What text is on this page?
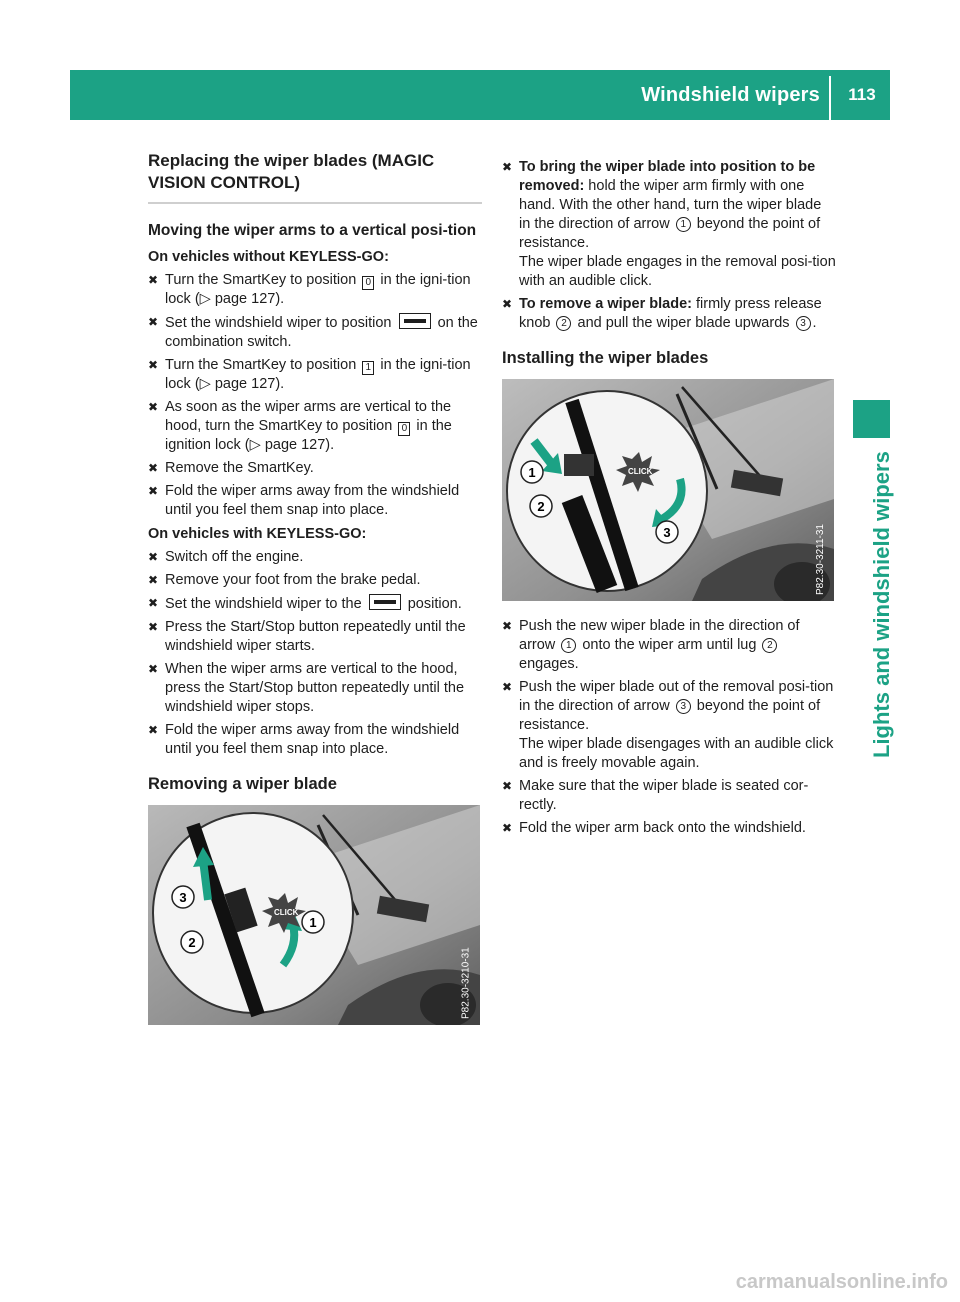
Windshield wipers	113
Lights and windshield wipers
Replacing the wiper blades (MAGIC VISION CONTROL)
Moving the wiper arms to a vertical posi-tion
On vehicles without KEYLESS-GO:
✖ Turn the SmartKey to position 0 in the igni-tion lock (▷ page 127).
✖ Set the windshield wiper to position	on the combination switch.
✖ Turn the SmartKey to position 1 in the igni-tion lock (▷ page 127).
✖ As soon as the wiper arms are vertical to the hood, turn the SmartKey to position 0 in the ignition lock (▷ page 127).
✖ Remove the SmartKey.
✖ Fold the wiper arms away from the windshield until you feel them snap into place.
On vehicles with KEYLESS-GO:
✖ Switch off the engine.
✖ Remove your foot from the brake pedal.
✖ Set the windshield wiper to the	position.
✖ Press the Start/Stop button repeatedly until the windshield wiper starts.
✖ When the wiper arms are vertical to the hood, press the Start/Stop button repeatedly until the windshield wiper stops.
✖ Fold the wiper arms away from the windshield until you feel them snap into place.
Removing a wiper blade
CLICK
3
2
1
P82.30-3210-31
✖ To bring the wiper blade into position to be removed: hold the wiper arm firmly with one hand. With the other hand, turn the wiper blade in the direction of arrow 1 beyond the point of resistance.
The wiper blade engages in the removal posi-tion with an audible click.
✖ To remove a wiper blade: firmly press release knob 2 and pull the wiper blade upwards 3 .
Installing the wiper blades
CLICK
1
2
3	P82.30-3211-31
✖ Push the new wiper blade in the direction of arrow 1 onto the wiper arm until lug 2 engages.
✖ Push the wiper blade out of the removal posi-tion in the direction of arrow 3 beyond the point of resistance.
The wiper blade disengages with an audible click and is freely movable again.
✖ Make sure that the wiper blade is seated cor-rectly.
✖ Fold the wiper arm back onto the windshield.
carmanualsonline.info
